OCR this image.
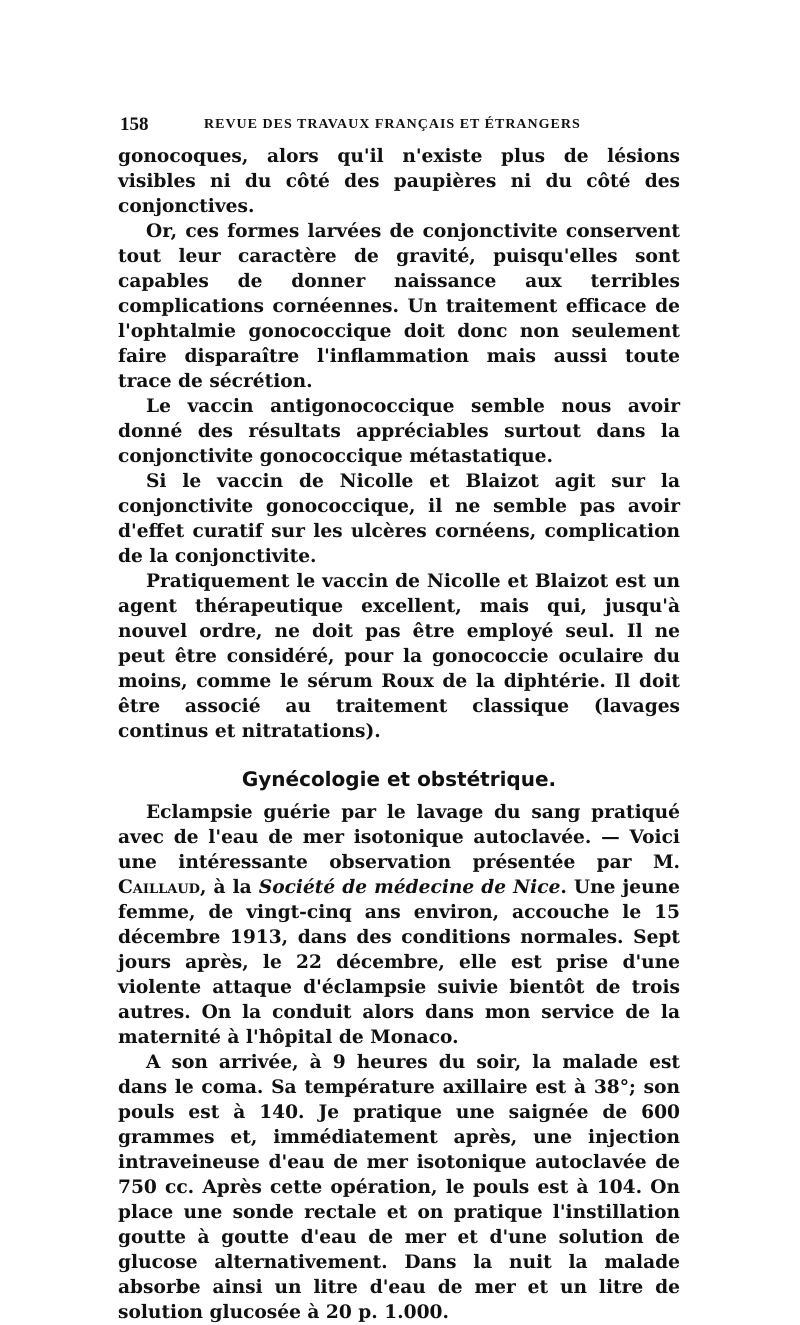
158	REVUE DES TRAVAUX FRANÇAIS ET ÉTRANGERS

gonocoques, alors qu'il n'existe plus de lésions visibles ni du côté des paupières ni du côté des conjonctives.

Or, ces formes larvées de conjonctivite conservent tout leur caractère de gravité, puisqu'elles sont capables de donner naissance aux terribles complications cornéennes. Un traitement efficace de l'ophtalmie gonococcique doit donc non seulement faire disparaître l'inflammation mais aussi toute trace de sécrétion.

Le vaccin antigonococcique semble nous avoir donné des résultats appréciables surtout dans la conjonctivite gonococcique métastatique.

Si le vaccin de Nicolle et Blaizot agit sur la conjonctivite gonococcique, il ne semble pas avoir d'effet curatif sur les ulcères cornéens, complication de la conjonctivite.

Pratiquement le vaccin de Nicolle et Blaizot est un agent thérapeutique excellent, mais qui, jusqu'à nouvel ordre, ne doit pas être employé seul. Il ne peut être considéré, pour la gonococcie oculaire du moins, comme le sérum Roux de la diphtérie. Il doit être associé au traitement classique (lavages continus et nitratations).

Gynécologie et obstétrique.

Eclampsie guérie par le lavage du sang pratiqué avec de l'eau de mer isotonique autoclavée. — Voici une intéressante observation présentée par M. Caillaud, à la Société de médecine de Nice. Une jeune femme, de vingt-cinq ans environ, accouche le 15 décembre 1913, dans des conditions normales. Sept jours après, le 22 décembre, elle est prise d'une violente attaque d'éclampsie suivie bientôt de trois autres. On la conduit alors dans mon service de la maternité à l'hôpital de Monaco.

A son arrivée, à 9 heures du soir, la malade est dans le coma. Sa température axillaire est à 38°; son pouls est à 140. Je pratique une saignée de 600 grammes et, immédiatement après, une injection intraveineuse d'eau de mer isotonique autoclavée de 750 cc. Après cette opération, le pouls est à 104. On place une sonde rectale et on pratique l'instillation goutte à goutte d'eau de mer et d'une solution de glucose alternativement. Dans la nuit la malade absorbe ainsi un litre d'eau de mer et un litre de solution glucosée à 20 p. 1.000.
